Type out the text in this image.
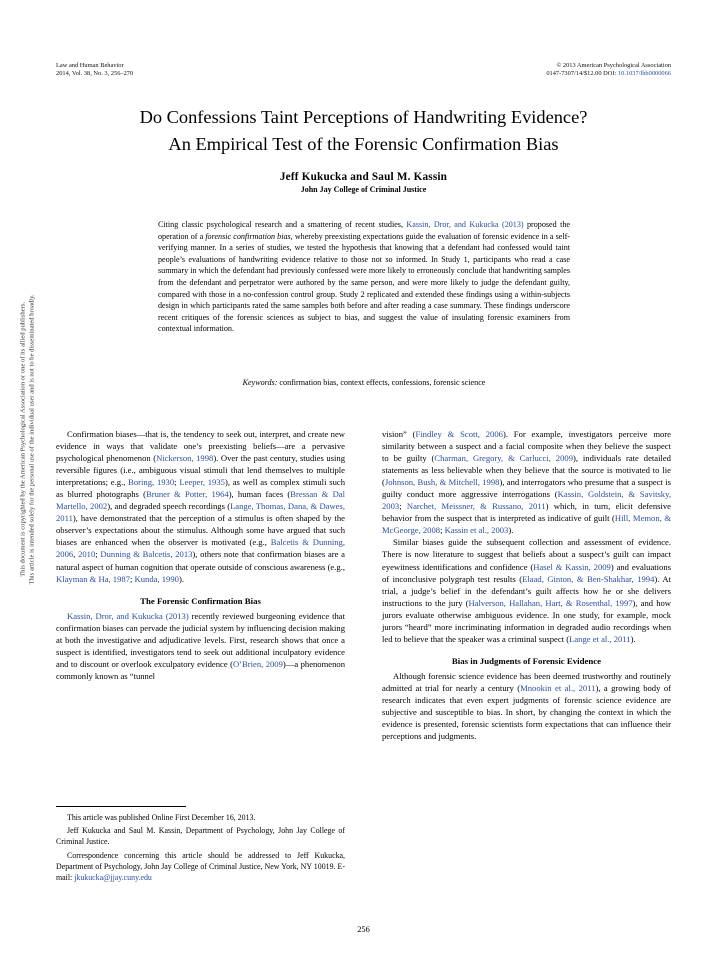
Law and Human Behavior
2014, Vol. 38, No. 3, 256–270
© 2013 American Psychological Association
0147-7307/14/$12.00 DOI: 10.1037/lhb0000066
Do Confessions Taint Perceptions of Handwriting Evidence?
An Empirical Test of the Forensic Confirmation Bias
Jeff Kukucka and Saul M. Kassin
John Jay College of Criminal Justice
Citing classic psychological research and a smattering of recent studies, Kassin, Dror, and Kukucka (2013) proposed the operation of a forensic confirmation bias, whereby preexisting expectations guide the evaluation of forensic evidence in a self-verifying manner. In a series of studies, we tested the hypothesis that knowing that a defendant had confessed would taint people’s evaluations of handwriting evidence relative to those not so informed. In Study 1, participants who read a case summary in which the defendant had previously confessed were more likely to erroneously conclude that handwriting samples from the defendant and perpetrator were authored by the same person, and were more likely to judge the defendant guilty, compared with those in a no-confession control group. Study 2 replicated and extended these findings using a within-subjects design in which participants rated the same samples both before and after reading a case summary. These findings underscore recent critiques of the forensic sciences as subject to bias, and suggest the value of insulating forensic examiners from contextual information.
Keywords: confirmation bias, context effects, confessions, forensic science

Confirmation biases—that is, the tendency to seek out, interpret, and create new evidence in ways that validate one’s preexisting beliefs—are a pervasive psychological phenomenon (Nickerson, 1998). Over the past century, studies using reversible figures (i.e., ambiguous visual stimuli that lend themselves to multiple interpretations; e.g., Boring, 1930; Leeper, 1935), as well as complex stimuli such as blurred photographs (Bruner & Potter, 1964), human faces (Bressan & Dal Martello, 2002), and degraded speech recordings (Lange, Thomas, Dana, & Dawes, 2011), have demonstrated that the perception of a stimulus is often shaped by the observer’s expectations about the stimulus. Although some have argued that such biases are enhanced when the observer is motivated (e.g., Balcetis & Dunning, 2006, 2010; Dunning & Balcetis, 2013), others note that confirmation biases are a natural aspect of human cognition that operate outside of conscious awareness (e.g., Klayman & Ha, 1987; Kunda, 1990).

The Forensic Confirmation Bias

Kassin, Dror, and Kukucka (2013) recently reviewed burgeoning evidence that confirmation biases can pervade the judicial system by influencing decision making at both the investigative and adjudicative levels. First, research shows that once a suspect is identified, investigators tend to seek out additional inculpatory evidence and to discount or overlook exculpatory evidence (O’Brien, 2009)—a phenomenon commonly known as “tunnel

vision” (Findley & Scott, 2006). For example, investigators perceive more similarity between a suspect and a facial composite when they believe the suspect to be guilty (Charman, Gregory, & Carlucci, 2009), individuals rate detailed statements as less believable when they believe that the source is motivated to lie (Johnson, Bush, & Mitchell, 1998), and interrogators who presume that a suspect is guilty conduct more aggressive interrogations (Kassin, Goldstein, & Savitsky, 2003; Narchet, Meissner, & Russano, 2011) which, in turn, elicit defensive behavior from the suspect that is interpreted as indicative of guilt (Hill, Memon, & McGeorge, 2008; Kassin et al., 2003).

Similar biases guide the subsequent collection and assessment of evidence. There is now literature to suggest that beliefs about a suspect’s guilt can impact eyewitness identifications and confidence (Hasel & Kassin, 2009) and evaluations of inconclusive polygraph test results (Elaad, Ginton, & Ben-Shakhar, 1994). At trial, a judge’s belief in the defendant’s guilt affects how he or she delivers instructions to the jury (Halverson, Hallahan, Hart, & Rosenthal, 1997), and how jurors evaluate otherwise ambiguous evidence. In one study, for example, mock jurors “heard” more incriminating information in degraded audio recordings when led to believe that the speaker was a criminal suspect (Lange et al., 2011).

Bias in Judgments of Forensic Evidence

Although forensic science evidence has been deemed trustworthy and routinely admitted at trial for nearly a century (Mnookin et al., 2011), a growing body of research indicates that even expert judgments of forensic science evidence are subjective and susceptible to bias. In short, by changing the context in which the evidence is presented, forensic scientists form expectations that can influence their perceptions and judgments.

This article was published Online First December 16, 2013.

Jeff Kukucka and Saul M. Kassin, Department of Psychology, John Jay College of Criminal Justice.

Correspondence concerning this article should be addressed to Jeff Kukucka, Department of Psychology, John Jay College of Criminal Justice, New York, NY 10019. E-mail: jkukucka@jjay.cuny.edu

256
This document is copyrighted by the American Psychological Association or one of its allied publishers. This article is intended solely for the personal use of the individual user and is not to be disseminated broadly.
